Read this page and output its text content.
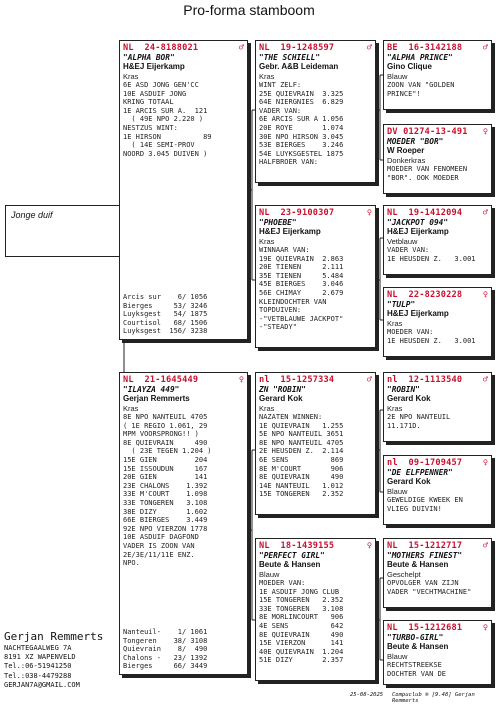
Pro-forma stamboom
Jonge duif
NL 24-8188021	♂
"ALPHA BOR"
H&EJ Eijerkamp
Kras
6E ASD JONG GEN'CC
10E ASDUIF JONG
KRING TOTAAL
1E ARCIS SUR A.  121
( 49E NPO 2.220 )
NESTZUS WINT:
1E HIRSON          89
( 14E SEMI-PROV
NOORD 3.045 DUIVEN )
Arcis sur    6/ 1056
Bierges     53/ 3246
Luyksgest   54/ 1875
Courtisol   68/ 1506
Luyksgest  156/ 3238
NL 21-1645449	♀
"ILAYZA 449"
Gerjan Remmerts
Kras
8E NPO NANTEUIL 4705
( 1E REGIO 1.061, 29
MPM VOORSPRONG!! )
8E QUIEVRAIN     490
( 23E TEGEN 1.204 )
15E GIEN         204
15E ISSOUDUN     167
20E GIEN         141
23E CHALONS    1.392
33E M'COURT    1.098
33E TONGEREN   3.108
38E DIZY       1.602
66E BIERGES    3.449
92E NPO VIERZON 1778
10E ASDUIF DAGFOND
VADER IS ZOON VAN
2E/3E/11/11E ENZ.
NPO.
Nanteuil-    1/ 1061
Tongeren    38/ 3108
Quievrain    8/  490
Chalons -   23/ 1392
Bierges     66/ 3449
NL 19-1248597	♂
"THE SCHIELL"
Gebr. A&B Leideman
Kras
WINT ZELF:
25E QUIEVRAIN  3.325
64E NIERGNIES  6.829
VADER VAN:
6E ARCIS SUR A 1.056
20E ROYE       1.074
30E NPO HIRSON 3.045
53E BIERGES    3.246
54E LUYKSGESTEL 1875
HALFBROER VAN:
NL 23-9100307	♀
"PHOEBE"
H&EJ Eijerkamp
Kras
WINNAAR VAN:
19E QUIEVRAIN  2.863
20E TIENEN     2.111
35E TIENEN     5.484
45E BIERGES    3.046
56E CHIMAY     2.679
KLEINDOCHTER VAN
TOPDUIVEN:
-"VETBLAUWE JACKPOT"
-"STEADY"
nl 15-1257334	♂
ZN "ROBIN"
Gerard Kok
Kras
NAZATEN WINNEN:
1E QUIEVRAIN   1.255
5E NPO NANTEUIL 3651
8E NPO NANTEUIL 4705
2E HEUSDEN Z.  2.114
6E SENS          869
8E M'COURT       906
8E QUIEVRAIN     490
14E NANTEUIL   1.012
15E TONGEREN   2.352
NL 18-1439155	♀
"PERFECT GIRL"
Beute & Hansen
Blauw
MOEDER VAN:
1E ASDUIF JONG CLUB
15E TONGEREN   2.352
33E TONGEREN   3.108
8E MORLINCOURT   906
4E SENS          642
8E QUIEVRAIN     490
15E VIERZON      141
40E QUIEVRAIN  1.204
51E DIZY       2.357
BE 16-3142188 ♂
"ALPHA PRINCE"
Gino Clique
Blauw
ZOON VAN "GOLDEN
PRINCE"!
DV 01274-13-491 ♀
MOEDER "BOR"
W Roeper
Donkerkras
MOEDER VAN FENOMEEN
"BOR". OOK MOEDER
NL 19-1412094 ♂
"JACKPOT 094"
H&EJ Eijerkamp
Vetblauw
VADER VAN:
1E HEUSDEN Z.   3.001
NL 22-8230228 ♀
"TULP"
H&EJ Eijerkamp
Kras
MOEDER VAN:
1E HEUSDEN Z.   3.001
nl 12-1113540 ♂
"ROBIN"
Gerard Kok
Kras
2E NPO NANTEUIL
11.171D.
nl 09-1709457 ♀
"DE ELFPENNER"
Gerard Kok
Blauw
GEWELDIGE KWEEK EN
VLIEG DUIVIN!
NL 15-1212717 ♂
"MOTHERS FINEST"
Beute & Hansen
Geschelpt
OPVOLGER VAN ZIJN
VADER "VECHTMACHINE"
NL 15-1212681 ♀
"TURBO-GIRL"
Beute & Hansen
Blauw
RECHTSTREEKSE
DOCHTER VAN DE
Gerjan Remmerts
NACHTEGAALWEG 7A
8191 XZ WAPENVELD
Tel.:06-51941250
Tel.:038-4479288
GERJAN7A@GMAIL.COM
25-08-2025 Compuclub ® [9.48] Gerjan Remmerts
